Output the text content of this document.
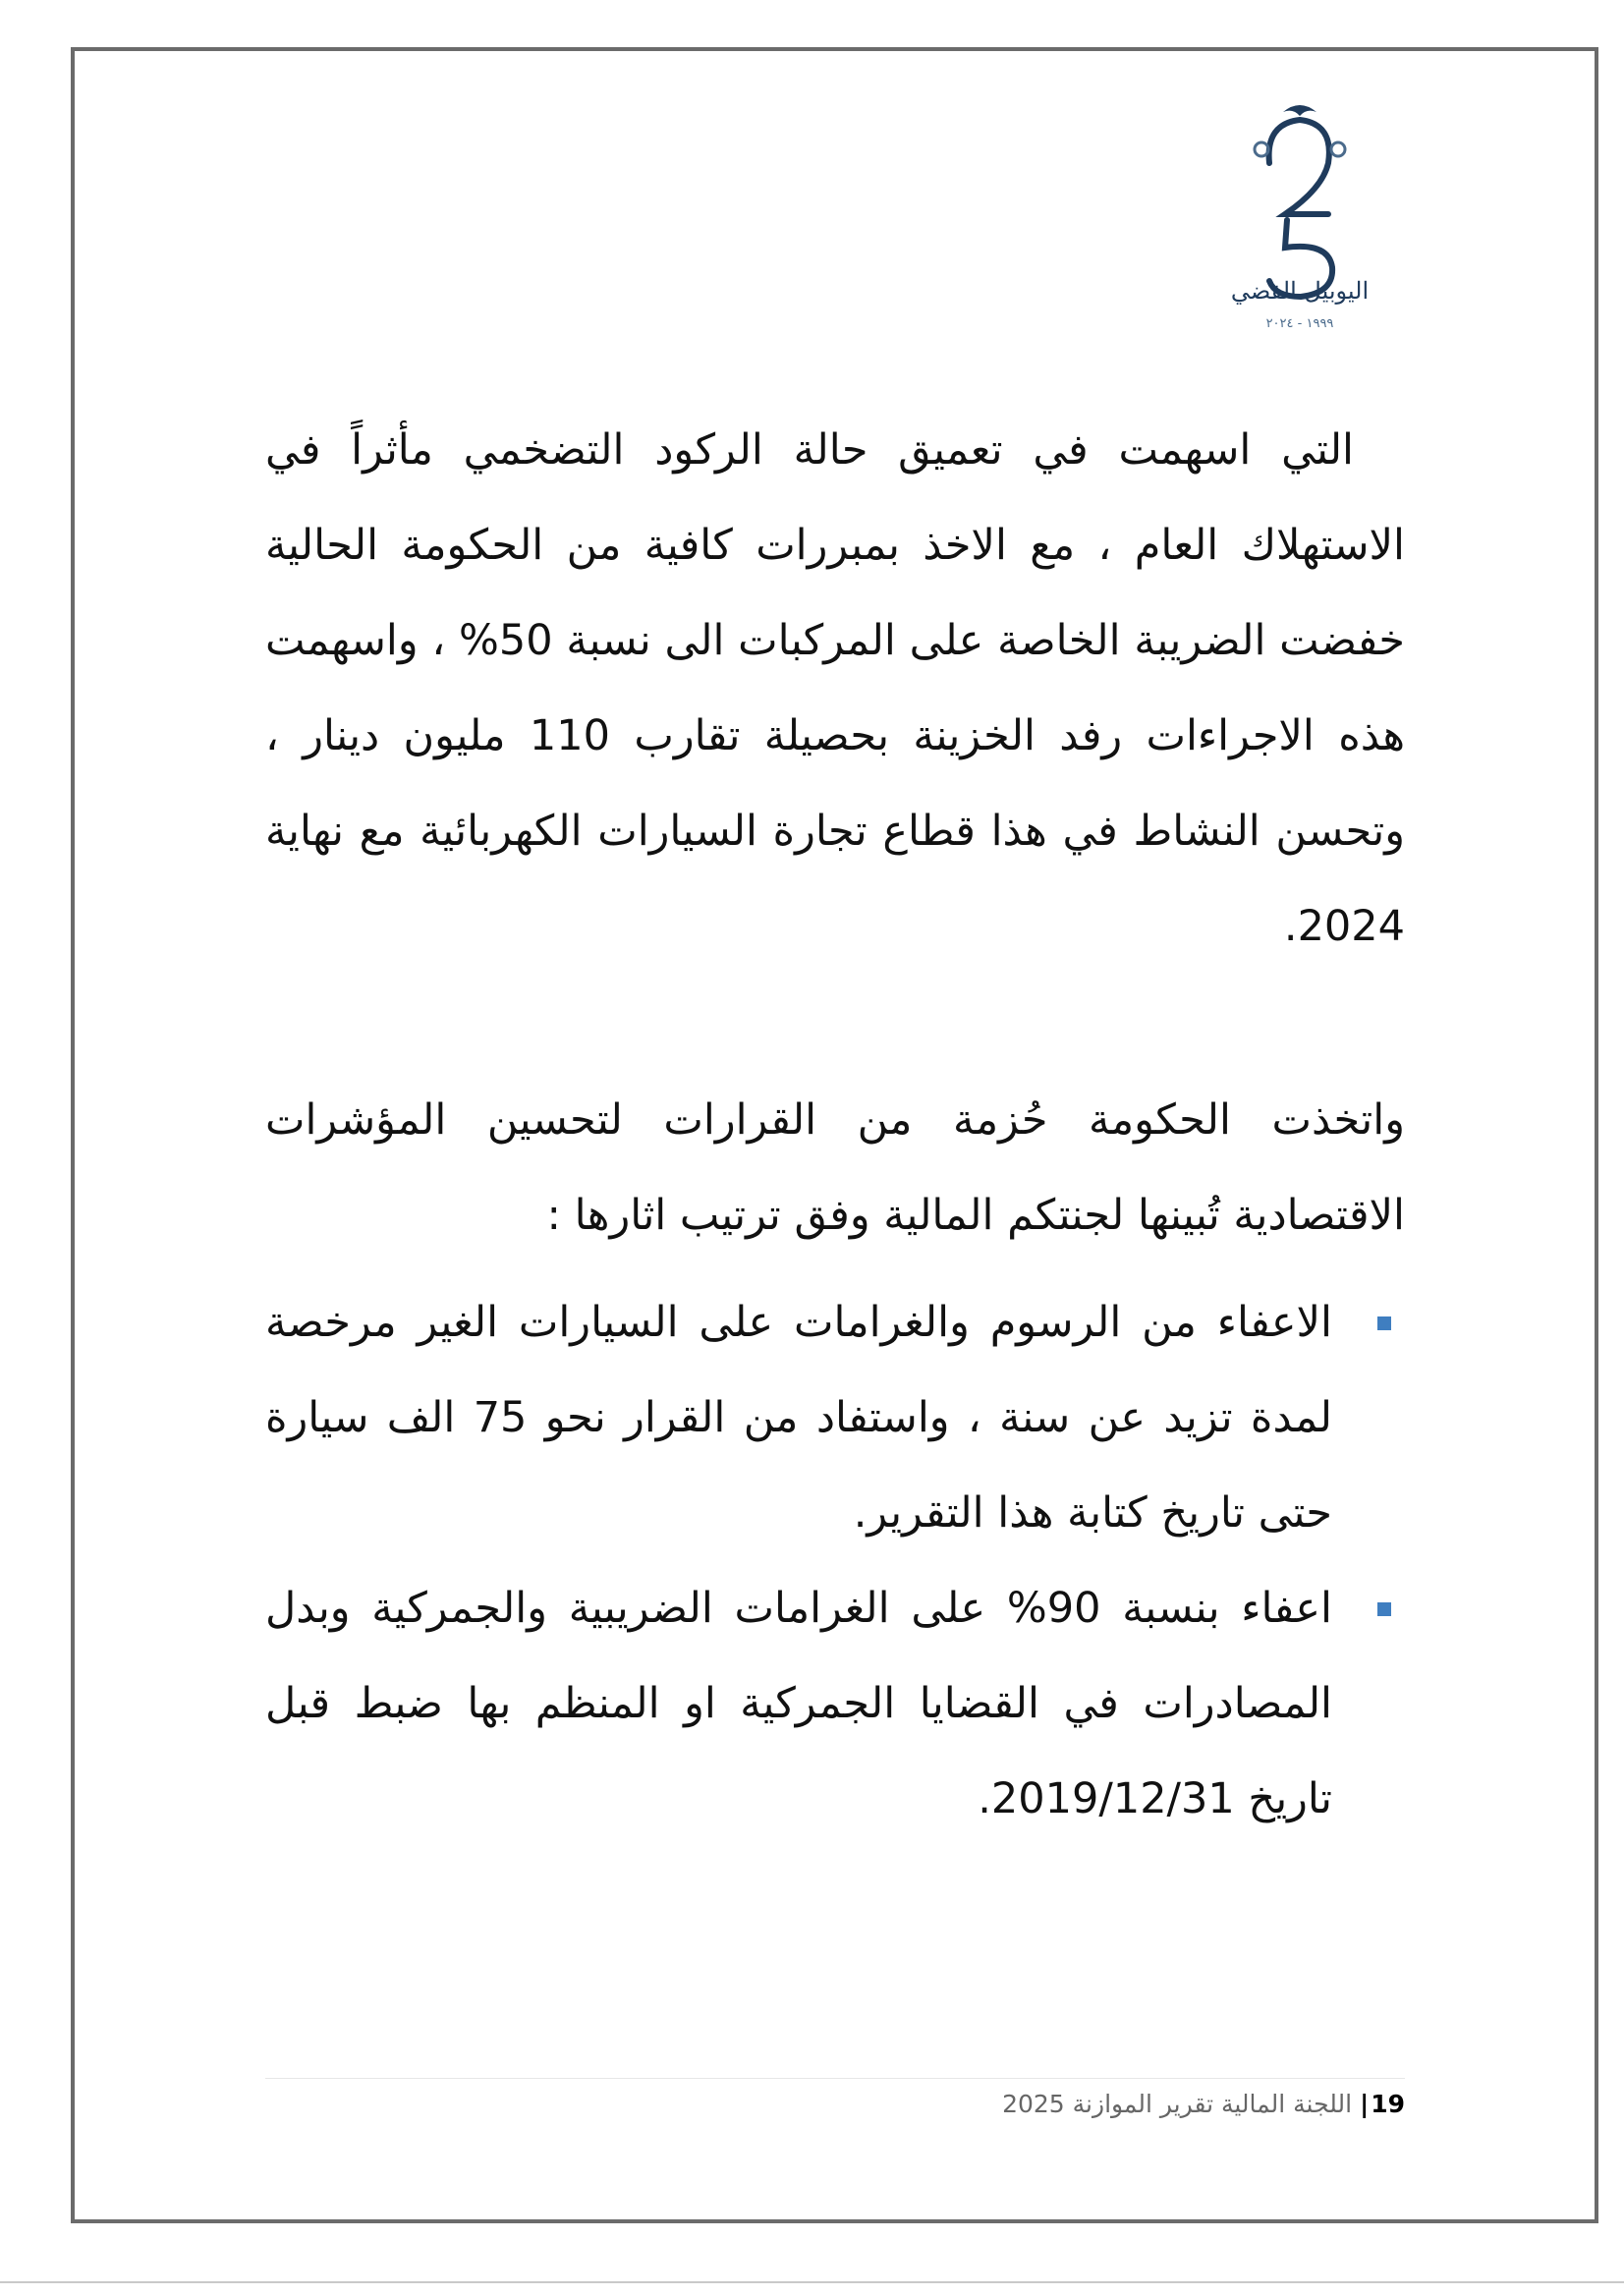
اليوبيل الفضي
١٩٩٩ - ٢٠٢٤

التي اسهمت في تعميق حالة الركود التضخمي مأثراً في الاستهلاك العام ، مع الاخذ بمبررات كافية من الحكومة الحالية خفضت الضريبة الخاصة على المركبات الى نسبة 50% ، واسهمت هذه الاجراءات رفد الخزينة بحصيلة تقارب 110 مليون دينار ، وتحسن النشاط في هذا قطاع تجارة السيارات الكهربائية مع نهاية 2024.

واتخذت الحكومة حُزمة من القرارات لتحسين المؤشرات الاقتصادية تُبينها لجنتكم المالية وفق ترتيب اثارها :

الاعفاء من الرسوم والغرامات على السيارات الغير مرخصة لمدة تزيد عن سنة ، واستفاد من القرار نحو 75 الف سيارة حتى تاريخ كتابة هذا التقرير.
اعفاء بنسبة 90% على الغرامات الضريبية والجمركية وبدل المصادرات في القضايا الجمركية او المنظم بها ضبط قبل تاريخ 2019/12/31.
19|اللجنة المالية تقرير الموازنة 2025
